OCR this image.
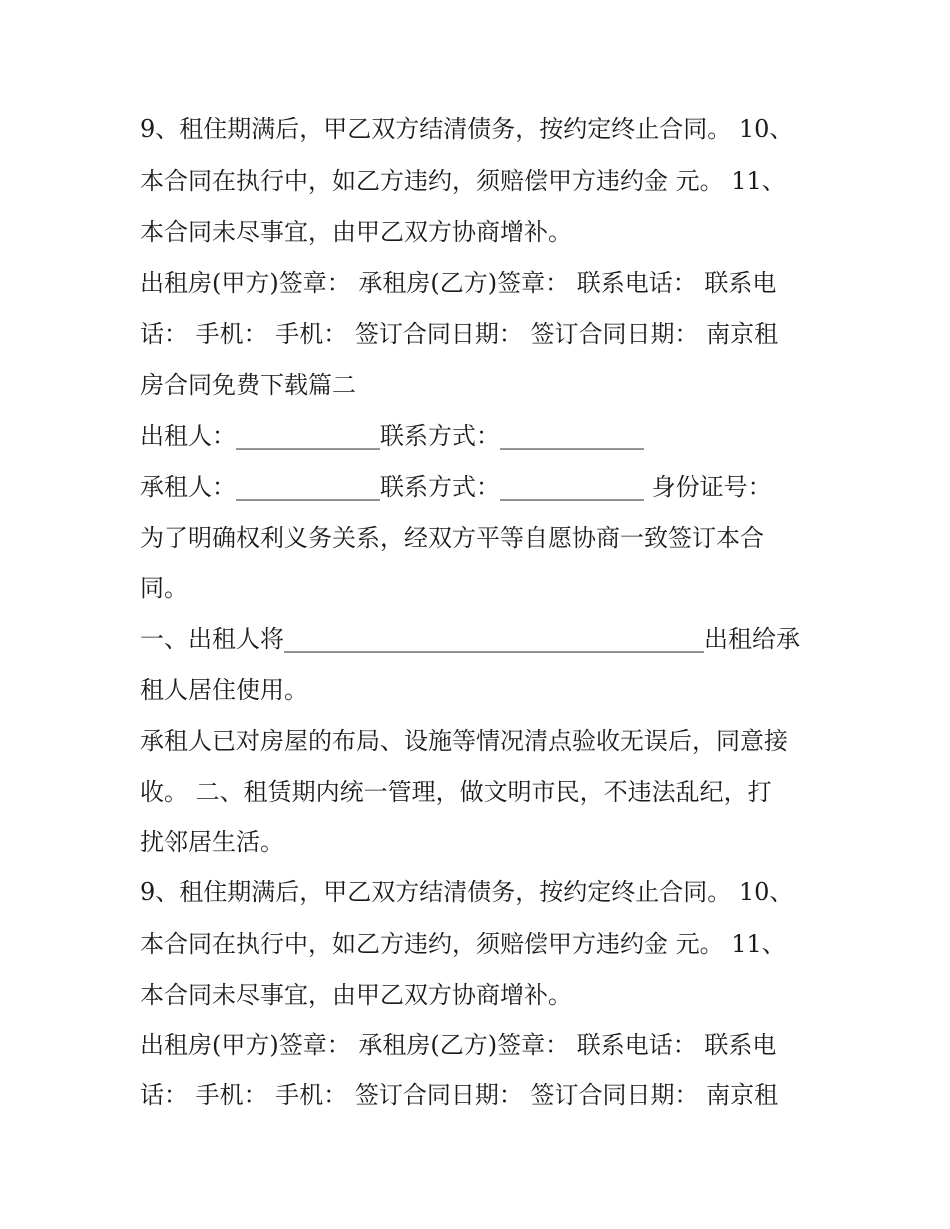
9、租住期满后，甲乙双方结清债务，按约定终止合同。 10、
本合同在执行中，如乙方违约，须赔偿甲方违约金 元。 11、
本合同未尽事宜，由甲乙双方协商增补。
出租房(甲方)签章： 承租房(乙方)签章： 联系电话： 联系电
话： 手机： 手机： 签订合同日期： 签订合同日期： 南京租
房合同免费下载篇二
出租人：____________联系方式：____________
承租人：____________联系方式：____________ 身份证号：
为了明确权利义务关系，经双方平等自愿协商一致签订本合
同。
一、出租人将___________________________________出租给承
租人居住使用。
承租人已对房屋的布局、设施等情况清点验收无误后，同意接
收。 二、租赁期内统一管理，做文明市民，不违法乱纪，打
扰邻居生活。
9、租住期满后，甲乙双方结清债务，按约定终止合同。 10、
本合同在执行中，如乙方违约，须赔偿甲方违约金 元。 11、
本合同未尽事宜，由甲乙双方协商增补。
出租房(甲方)签章： 承租房(乙方)签章： 联系电话： 联系电
话： 手机： 手机： 签订合同日期： 签订合同日期： 南京租
